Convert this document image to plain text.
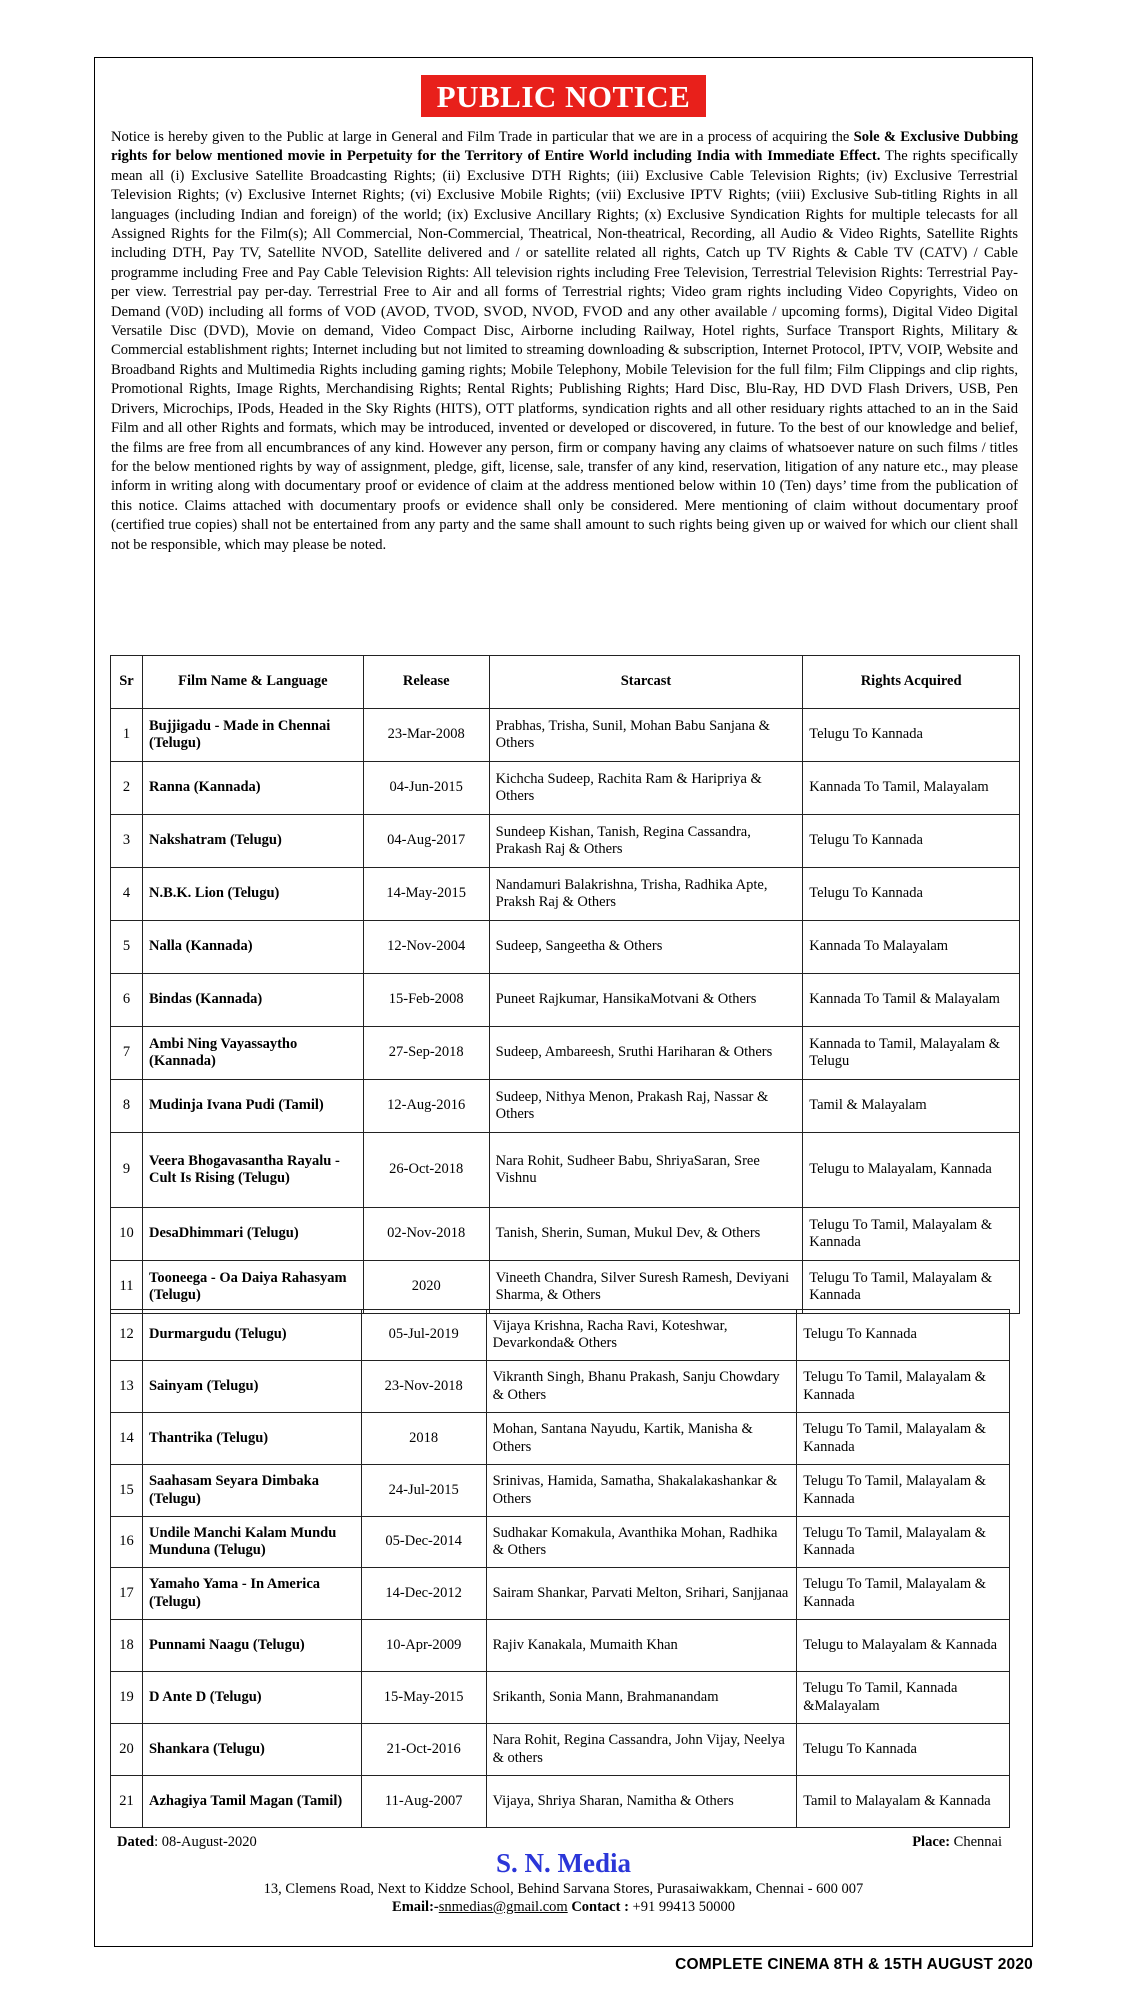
PUBLIC NOTICE
Notice is hereby given to the Public at large in General and Film Trade in particular that we are in a process of acquiring the Sole & Exclusive Dubbing rights for below mentioned movie in Perpetuity for the Territory of Entire World including India with Immediate Effect. The rights specifically mean all (i) Exclusive Satellite Broadcasting Rights; (ii) Exclusive DTH Rights; (iii) Exclusive Cable Television Rights; (iv) Exclusive Terrestrial Television Rights; (v) Exclusive Internet Rights; (vi) Exclusive Mobile Rights; (vii) Exclusive IPTV Rights; (viii) Exclusive Sub-titling Rights in all languages (including Indian and foreign) of the world; (ix) Exclusive Ancillary Rights; (x) Exclusive Syndication Rights for multiple telecasts for all Assigned Rights for the Film(s); All Commercial, Non-Commercial, Theatrical, Non-theatrical, Recording, all Audio & Video Rights, Satellite Rights including DTH, Pay TV, Satellite NVOD, Satellite delivered and / or satellite related all rights, Catch up TV Rights & Cable TV (CATV) / Cable programme including Free and Pay Cable Television Rights: All television rights including Free Television, Terrestrial Television Rights: Terrestrial Pay-per view. Terrestrial pay per-day. Terrestrial Free to Air and all forms of Terrestrial rights; Video gram rights including Video Copyrights, Video on Demand (V0D) including all forms of VOD (AVOD, TVOD, SVOD, NVOD, FVOD and any other available / upcoming forms), Digital Video Digital Versatile Disc (DVD), Movie on demand, Video Compact Disc, Airborne including Railway, Hotel rights, Surface Transport Rights, Military & Commercial establishment rights; Internet including but not limited to streaming downloading & subscription, Internet Protocol, IPTV, VOIP, Website and Broadband Rights and Multimedia Rights including gaming rights; Mobile Telephony, Mobile Television for the full film; Film Clippings and clip rights, Promotional Rights, Image Rights, Merchandising Rights; Rental Rights; Publishing Rights; Hard Disc, Blu-Ray, HD DVD Flash Drivers, USB, Pen Drivers, Microchips, IPods, Headed in the Sky Rights (HITS), OTT platforms, syndication rights and all other residuary rights attached to an in the Said Film and all other Rights and formats, which may be introduced, invented or developed or discovered, in future. To the best of our knowledge and belief, the films are free from all encumbrances of any kind. However any person, firm or company having any claims of whatsoever nature on such films / titles for the below mentioned rights by way of assignment, pledge, gift, license, sale, transfer of any kind, reservation, litigation of any nature etc., may please inform in writing along with documentary proof or evidence of claim at the address mentioned below within 10 (Ten) days’ time from the publication of this notice. Claims attached with documentary proofs or evidence shall only be considered. Mere mentioning of claim without documentary proof (certified true copies) shall not be entertained from any party and the same shall amount to such rights being given up or waived for which our client shall not be responsible, which may please be noted.
Sr	Film Name & Language	Release	Starcast	Rights Acquired
1	Bujjigadu - Made in Chennai (Telugu)	23-Mar-2008	Prabhas, Trisha, Sunil, Mohan Babu Sanjana & Others	Telugu To Kannada
2	Ranna (Kannada)	04-Jun-2015	Kichcha Sudeep, Rachita Ram & Haripriya & Others	Kannada To Tamil, Malayalam
3	Nakshatram (Telugu)	04-Aug-2017	Sundeep Kishan, Tanish, Regina Cassandra, Prakash Raj & Others	Telugu To Kannada
4	N.B.K. Lion (Telugu)	14-May-2015	Nandamuri Balakrishna, Trisha, Radhika Apte, Praksh Raj & Others	Telugu To Kannada
5	Nalla (Kannada)	12-Nov-2004	Sudeep, Sangeetha & Others	Kannada To Malayalam
6	Bindas (Kannada)	15-Feb-2008	Puneet Rajkumar, HansikaMotvani & Others	Kannada To Tamil & Malayalam
7	Ambi Ning Vayassaytho (Kannada)	27-Sep-2018	Sudeep, Ambareesh, Sruthi Hariharan & Others	Kannada to Tamil, Malayalam & Telugu
8	Mudinja Ivana Pudi (Tamil)	12-Aug-2016	Sudeep, Nithya Menon, Prakash Raj, Nassar & Others	Tamil & Malayalam
9	Veera Bhogavasantha Rayalu - Cult Is Rising (Telugu)	26-Oct-2018	Nara Rohit, Sudheer Babu, ShriyaSaran, Sree Vishnu	Telugu to Malayalam, Kannada
10	DesaDhimmari (Telugu)	02-Nov-2018	Tanish, Sherin, Suman, Mukul Dev, & Others	Telugu To Tamil, Malayalam & Kannada
11	Tooneega - Oa Daiya Rahasyam (Telugu)	2020	Vineeth Chandra, Silver Suresh Ramesh, Deviyani Sharma, & Others	Telugu To Tamil, Malayalam & Kannada
12	Durmargudu (Telugu)	05-Jul-2019	Vijaya Krishna, Racha Ravi, Koteshwar, Devarkonda& Others	Telugu To Kannada
13	Sainyam (Telugu)	23-Nov-2018	Vikranth Singh, Bhanu Prakash, Sanju Chowdary & Others	Telugu To Tamil, Malayalam & Kannada
14	Thantrika (Telugu)	2018	Mohan, Santana Nayudu, Kartik, Manisha & Others	Telugu To Tamil, Malayalam & Kannada
15	Saahasam Seyara Dimbaka (Telugu)	24-Jul-2015	Srinivas, Hamida, Samatha, Shakalakashankar & Others	Telugu To Tamil, Malayalam & Kannada
16	Undile Manchi Kalam Mundu Munduna (Telugu)	05-Dec-2014	Sudhakar Komakula, Avanthika Mohan, Radhika & Others	Telugu To Tamil, Malayalam & Kannada
17	Yamaho Yama - In America (Telugu)	14-Dec-2012	Sairam Shankar, Parvati Melton, Srihari, Sanjjanaa	Telugu To Tamil, Malayalam & Kannada
18	Punnami Naagu (Telugu)	10-Apr-2009	Rajiv Kanakala, Mumaith Khan	Telugu to Malayalam & Kannada
19	D Ante D (Telugu)	15-May-2015	Srikanth, Sonia Mann, Brahmanandam	Telugu To Tamil, Kannada &Malayalam
20	Shankara (Telugu)	21-Oct-2016	Nara Rohit, Regina Cassandra, John Vijay, Neelya & others	Telugu To Kannada
21	Azhagiya Tamil Magan (Tamil)	11-Aug-2007	Vijaya, Shriya Sharan, Namitha & Others	Tamil to Malayalam & Kannada
Dated: 08-August-2020	Place: Chennai
S. N. Media
13, Clemens Road, Next to Kiddze School, Behind Sarvana Stores, Purasaiwakkam, Chennai - 600 007
Email:-snmedias@gmail.com Contact : +91 99413 50000
COMPLETE CINEMA 8TH & 15TH AUGUST 2020
